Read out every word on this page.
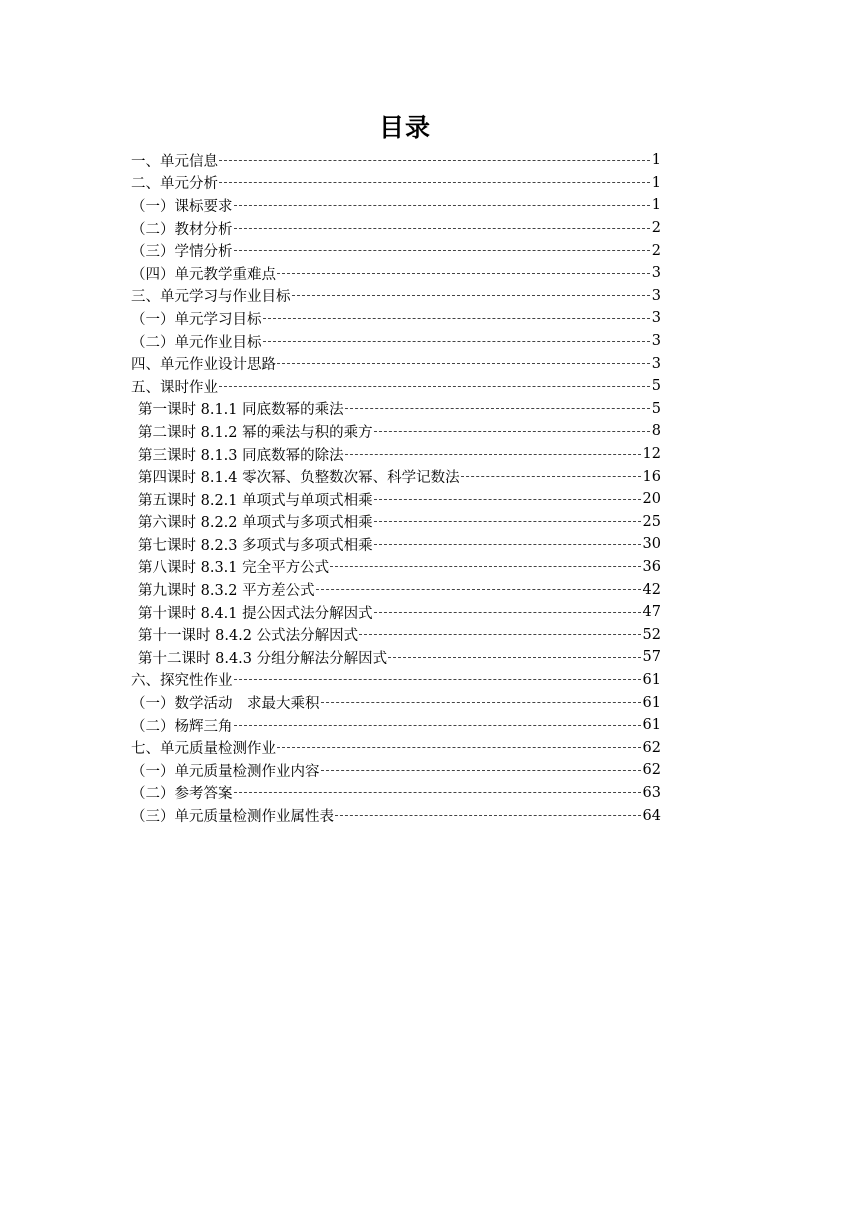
目录
一、单元信息	1
二、单元分析	1
（一）课标要求	1
（二）教材分析	2
（三）学情分析	2
（四）单元教学重难点	3
三、单元学习与作业目标	3
（一）单元学习目标	3
（二）单元作业目标	3
四、单元作业设计思路	3
五、课时作业	5
第一课时 8.1.1 同底数幂的乘法	5
第二课时 8.1.2 幂的乘法与积的乘方	8
第三课时 8.1.3 同底数幂的除法	12
第四课时 8.1.4 零次幂、负整数次幂、科学记数法	16
第五课时 8.2.1 单项式与单项式相乘	20
第六课时 8.2.2 单项式与多项式相乘	25
第七课时 8.2.3 多项式与多项式相乘	30
第八课时 8.3.1 完全平方公式	36
第九课时 8.3.2 平方差公式	42
第十课时 8.4.1 提公因式法分解因式	47
第十一课时 8.4.2 公式法分解因式	52
第十二课时 8.4.3 分组分解法分解因式	57
六、探究性作业	61
（一）数学活动　求最大乘积	61
（二）杨辉三角	61
七、单元质量检测作业	62
（一）单元质量检测作业内容	62
（二）参考答案	63
（三）单元质量检测作业属性表	64
